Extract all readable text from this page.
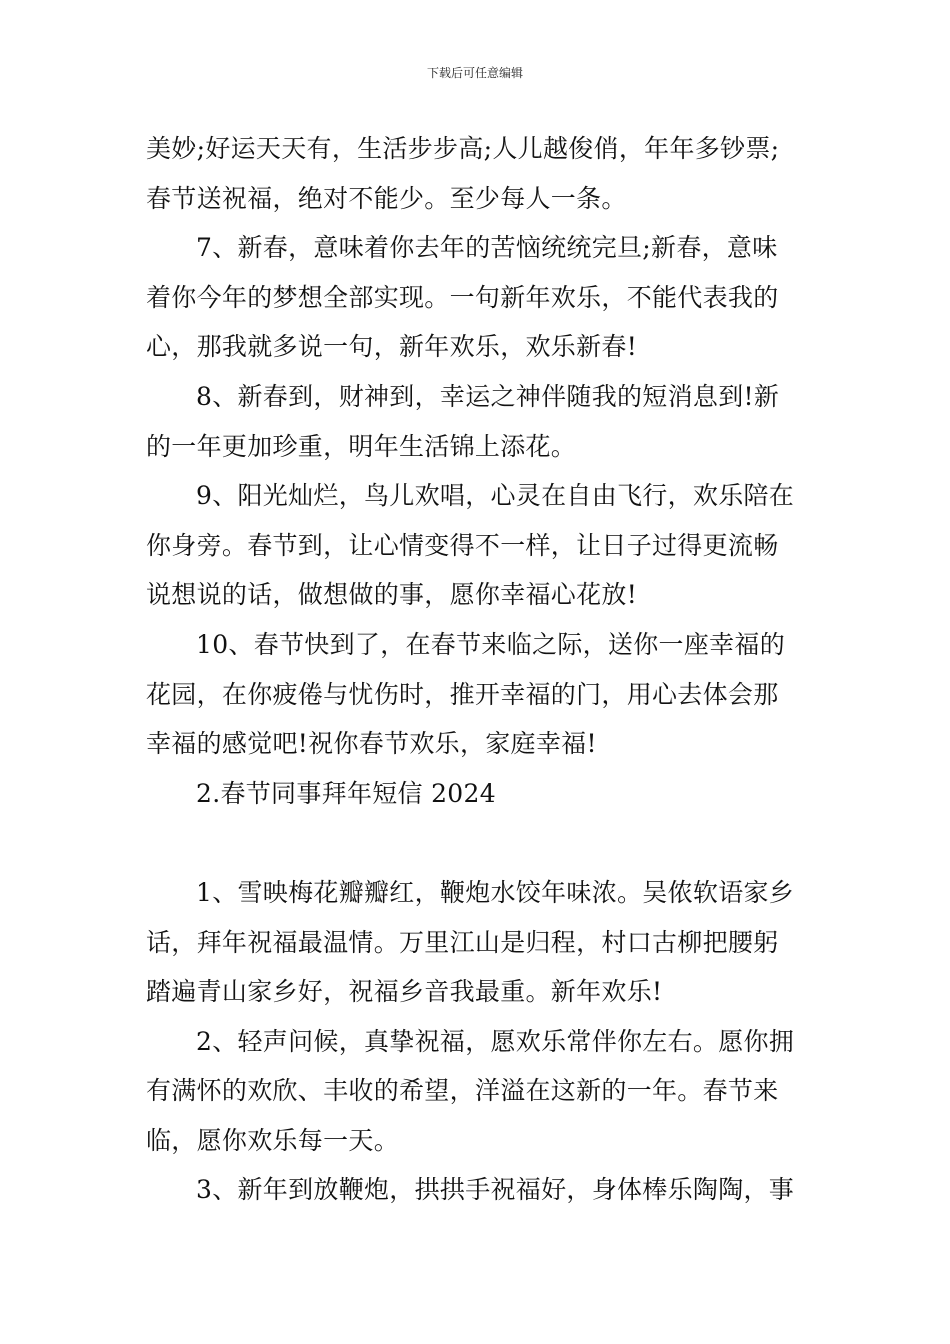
下载后可任意编辑
美妙;好运天天有，生活步步高;人儿越俊俏，年年多钞票;
春节送祝福，绝对不能少。至少每人一条。
7、新春，意味着你去年的苦恼统统完旦;新春，意味
着你今年的梦想全部实现。一句新年欢乐，不能代表我的
心，那我就多说一句，新年欢乐，欢乐新春!
8、新春到，财神到，幸运之神伴随我的短消息到!新
的一年更加珍重，明年生活锦上添花。
9、阳光灿烂，鸟儿欢唱，心灵在自由飞行，欢乐陪在
你身旁。春节到，让心情变得不一样，让日子过得更流畅
说想说的话，做想做的事，愿你幸福心花放!
10、春节快到了，在春节来临之际，送你一座幸福的
花园，在你疲倦与忧伤时，推开幸福的门，用心去体会那
幸福的感觉吧!祝你春节欢乐，家庭幸福!
2.春节同事拜年短信 2024
1、雪映梅花瓣瓣红，鞭炮水饺年味浓。吴侬软语家乡
话，拜年祝福最温情。万里江山是归程，村口古柳把腰躬
踏遍青山家乡好，祝福乡音我最重。新年欢乐!
2、轻声问候，真挚祝福，愿欢乐常伴你左右。愿你拥
有满怀的欢欣、丰收的希望，洋溢在这新的一年。春节来
临，愿你欢乐每一天。
3、新年到放鞭炮，拱拱手祝福好，身体棒乐陶陶，事
